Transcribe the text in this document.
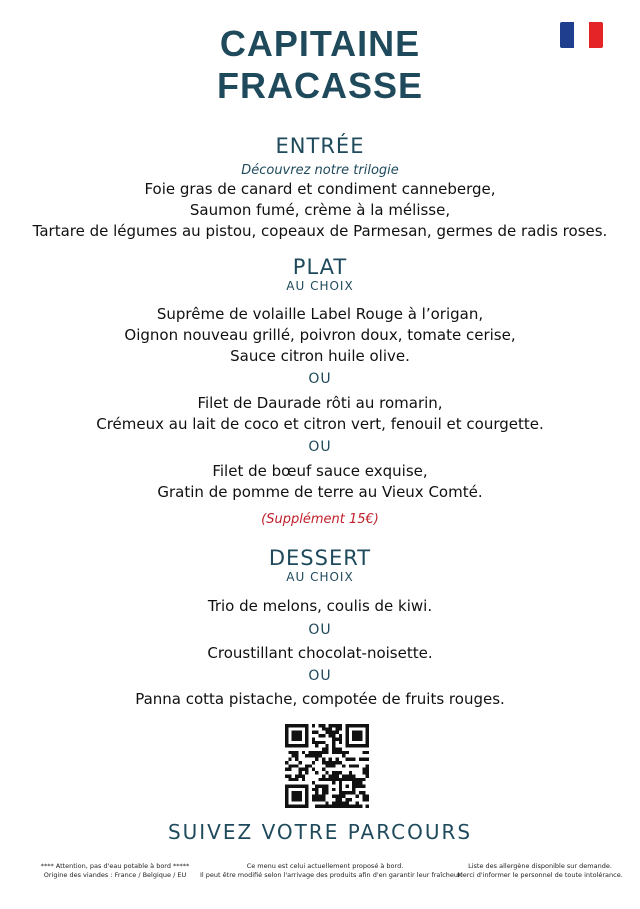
CAPITAINE
FRACASSE
ENTRÉE
Découvrez notre trilogie
Foie gras de canard et condiment canneberge,
Saumon fumé, crème à la mélisse,
Tartare de légumes au pistou, copeaux de Parmesan, germes de radis roses.
PLAT
AU CHOIX
Suprême de volaille Label Rouge à l’origan,
Oignon nouveau grillé, poivron doux, tomate cerise,
Sauce citron huile olive.
OU
Filet de Daurade rôti au romarin,
Crémeux au lait de coco et citron vert, fenouil et courgette.
OU
Filet de bœuf sauce exquise,
Gratin de pomme de terre au Vieux Comté.
(Supplément 15€)
DESSERT
AU CHOIX
Trio de melons, coulis de kiwi.
OU
Croustillant chocolat-noisette.
OU
Panna cotta pistache, compotée de fruits rouges.
SUIVEZ VOTRE PARCOURS
**** Attention, pas d'eau potable à bord *****
Origine des viandes : France / Belgique / EU
Ce menu est celui actuellement proposé à bord.
Il peut être modifié selon l'arrivage des produits afin d'en garantir leur fraîcheur.
Liste des allergène disponible sur demande.
Merci d'informer le personnel de toute intolérance.
